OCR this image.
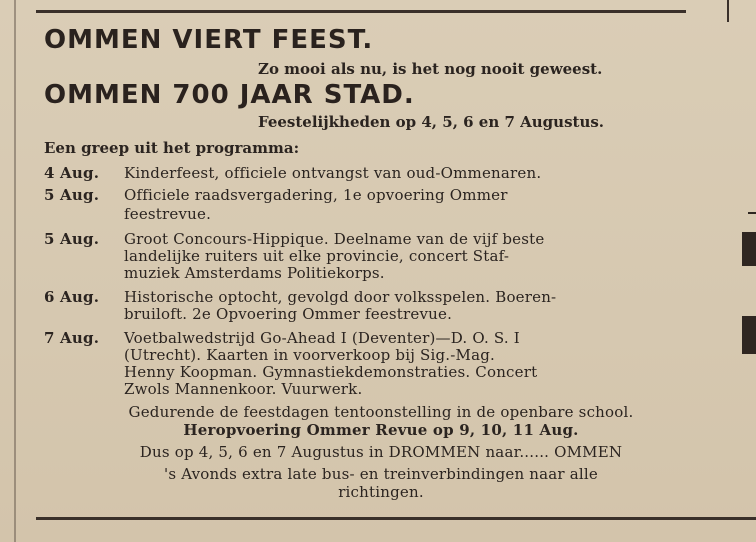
OMMEN VIERT FEEST.
Zo mooi als nu, is het nog nooit geweest.
OMMEN 700 JAAR STAD.
Feestelijkheden op 4, 5, 6 en 7 Augustus.
Een greep uit het programma:
4 Aug. Kinderfeest, officiele ontvangst van oud-Ommenaren.
5 Aug. Officiele raadsvergadering, 1e opvoering Ommer
feestrevue.
5 Aug. Groot Concours-Hippique. Deelname van de vijf beste
landelijke ruiters uit elke provincie, concert Staf-
muziek Amsterdams Politiekorps.
6 Aug. Historische optocht, gevolgd door volksspelen. Boeren-
bruiloft. 2e Opvoering Ommer feestrevue.
7 Aug. Voetbalwedstrijd Go-Ahead I (Deventer)—D. O. S. I
(Utrecht). Kaarten in voorverkoop bij Sig.-Mag.
Henny Koopman. Gymnastiekdemonstraties. Concert
Zwols Mannenkoor. Vuurwerk.
Gedurende de feestdagen tentoonstelling in de openbare school.
Heropvoering Ommer Revue op 9, 10, 11 Aug.
Dus op 4, 5, 6 en 7 Augustus in DROMMEN naar...... OMMEN
's Avonds extra late bus- en treinverbindingen naar alle
richtingen.
